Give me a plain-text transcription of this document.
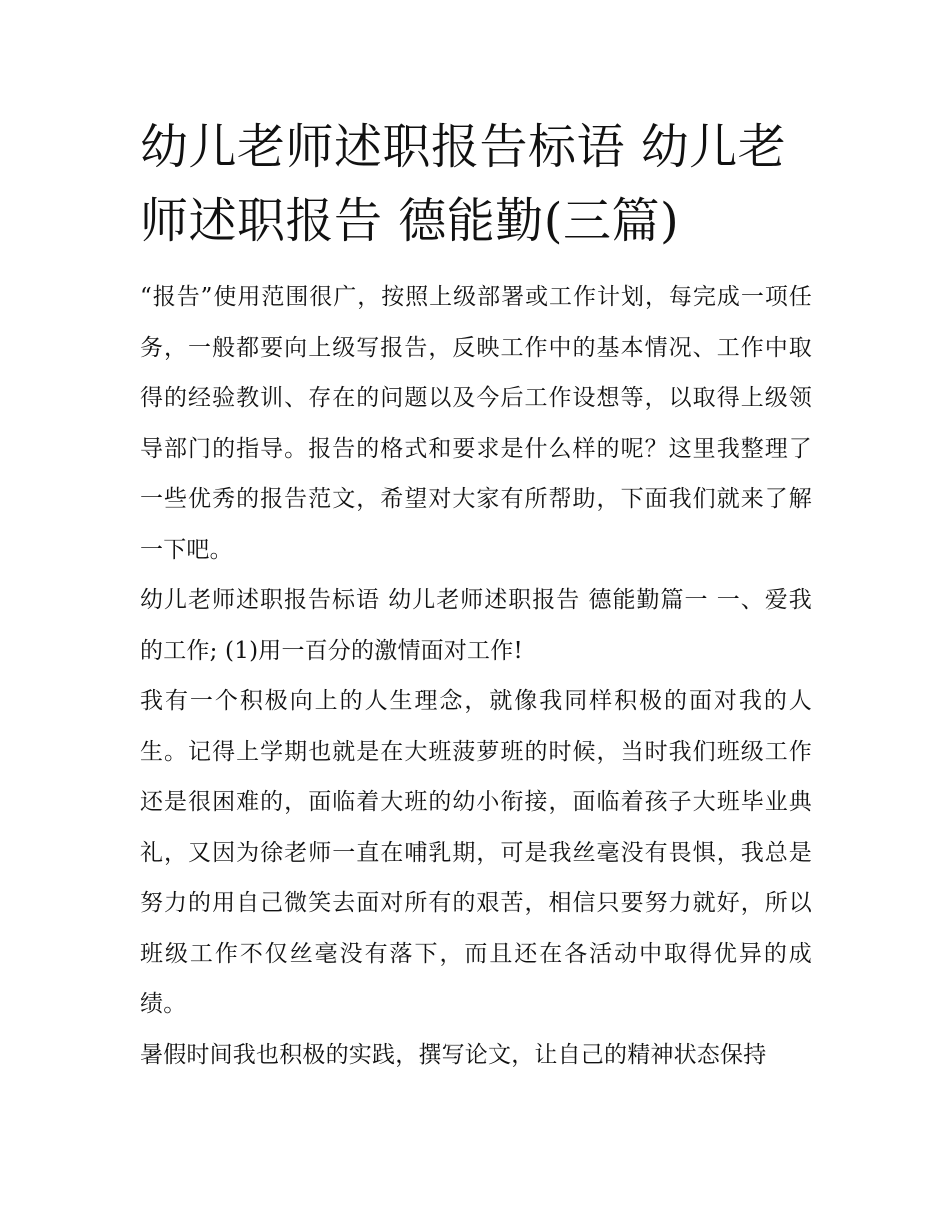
幼儿老师述职报告标语 幼儿老师述职报告 德能勤(三篇)

“报告”使用范围很广，按照上级部署或工作计划，每完成一项任务，一般都要向上级写报告，反映工作中的基本情况、工作中取得的经验教训、存在的问题以及今后工作设想等，以取得上级领导部门的指导。报告的格式和要求是什么样的呢？这里我整理了一些优秀的报告范文，希望对大家有所帮助，下面我们就来了解一下吧。

幼儿老师述职报告标语 幼儿老师述职报告 德能勤篇一 一、爱我的工作; (1)用一百分的激情面对工作!

我有一个积极向上的人生理念，就像我同样积极的面对我的人生。记得上学期也就是在大班菠萝班的时候，当时我们班级工作还是很困难的，面临着大班的幼小衔接，面临着孩子大班毕业典礼，又因为徐老师一直在哺乳期，可是我丝毫没有畏惧，我总是努力的用自己微笑去面对所有的艰苦，相信只要努力就好，所以班级工作不仅丝毫没有落下，而且还在各活动中取得优异的成绩。

暑假时间我也积极的实践，撰写论文，让自己的精神状态保持
